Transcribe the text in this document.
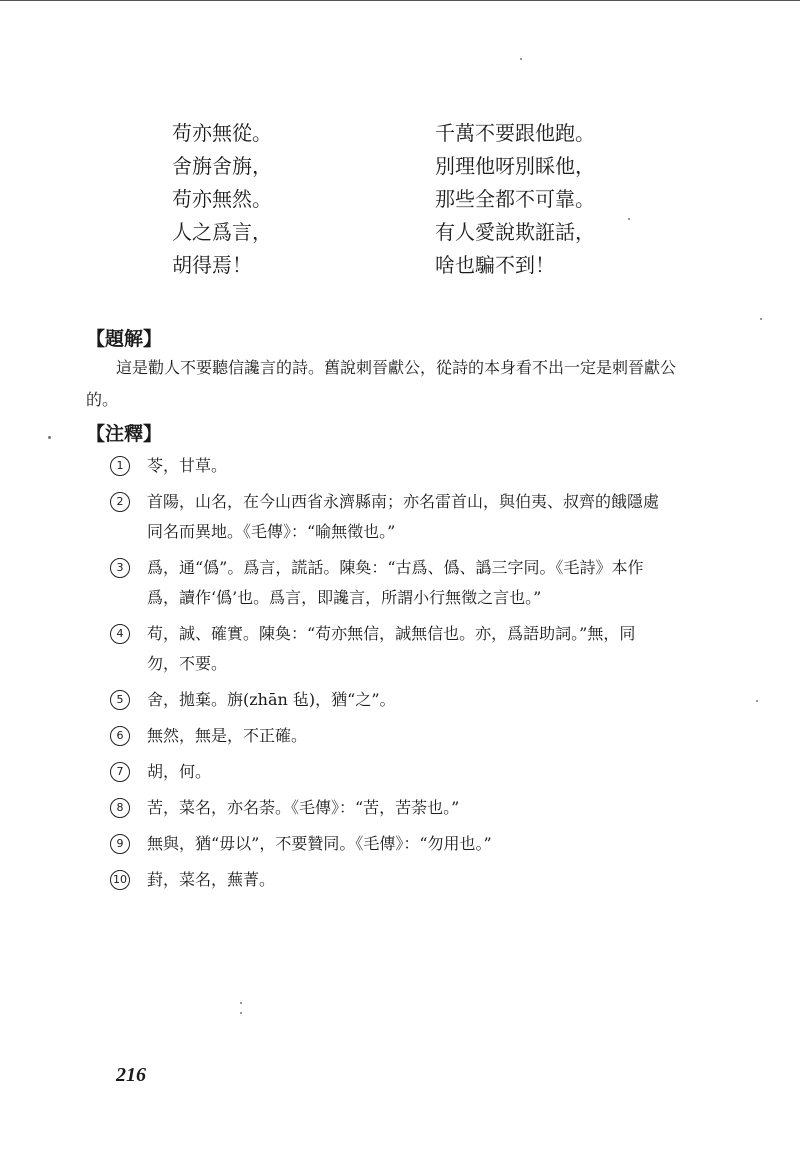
苟亦無從。	千萬不要跟他跑。
舍旃舍旃，	別理他呀別睬他，
苟亦無然。	那些全都不可靠。
人之爲言，	有人愛說欺誑話，
胡得焉！	啥也騙不到！
【題解】

這是勸人不要聽信讒言的詩。舊說刺晉獻公，從詩的本身看不出一定是刺晉獻公的。

【注釋】
1	苓，甘草。
2	首陽，山名，在今山西省永濟縣南；亦名雷首山，與伯夷、叔齊的餓隱處同名而異地。《毛傳》：“喻無徵也。”
3	爲，通“僞”。爲言，謊話。陳奐：“古爲、僞、譌三字同。《毛詩》本作爲，讀作‘僞’也。爲言，即讒言，所謂小行無徵之言也。”
4	苟，誠、確實。陳奐：“苟亦無信，誠無信也。亦，爲語助詞。”無，同勿，不要。
5	舍，拋棄。旃(zhān 毡)，猶“之”。
6	無然，無是，不正確。
7	胡，何。
8	苦，菜名，亦名荼。《毛傳》：“苦，苦荼也。”
9	無與，猶“毋以”，不要贊同。《毛傳》：“勿用也。”
10 葑，菜名，蕪菁。
216
